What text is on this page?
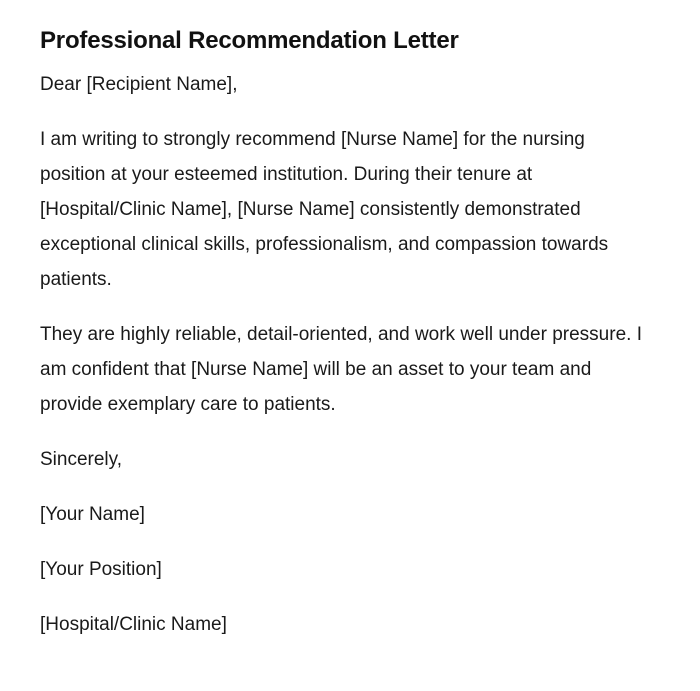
Professional Recommendation Letter

Dear [Recipient Name],

I am writing to strongly recommend [Nurse Name] for the nursing position at your esteemed institution. During their tenure at [Hospital/Clinic Name], [Nurse Name] consistently demonstrated exceptional clinical skills, professionalism, and compassion towards patients.

They are highly reliable, detail-oriented, and work well under pressure. I am confident that [Nurse Name] will be an asset to your team and provide exemplary care to patients.

Sincerely,

[Your Name]

[Your Position]

[Hospital/Clinic Name]
